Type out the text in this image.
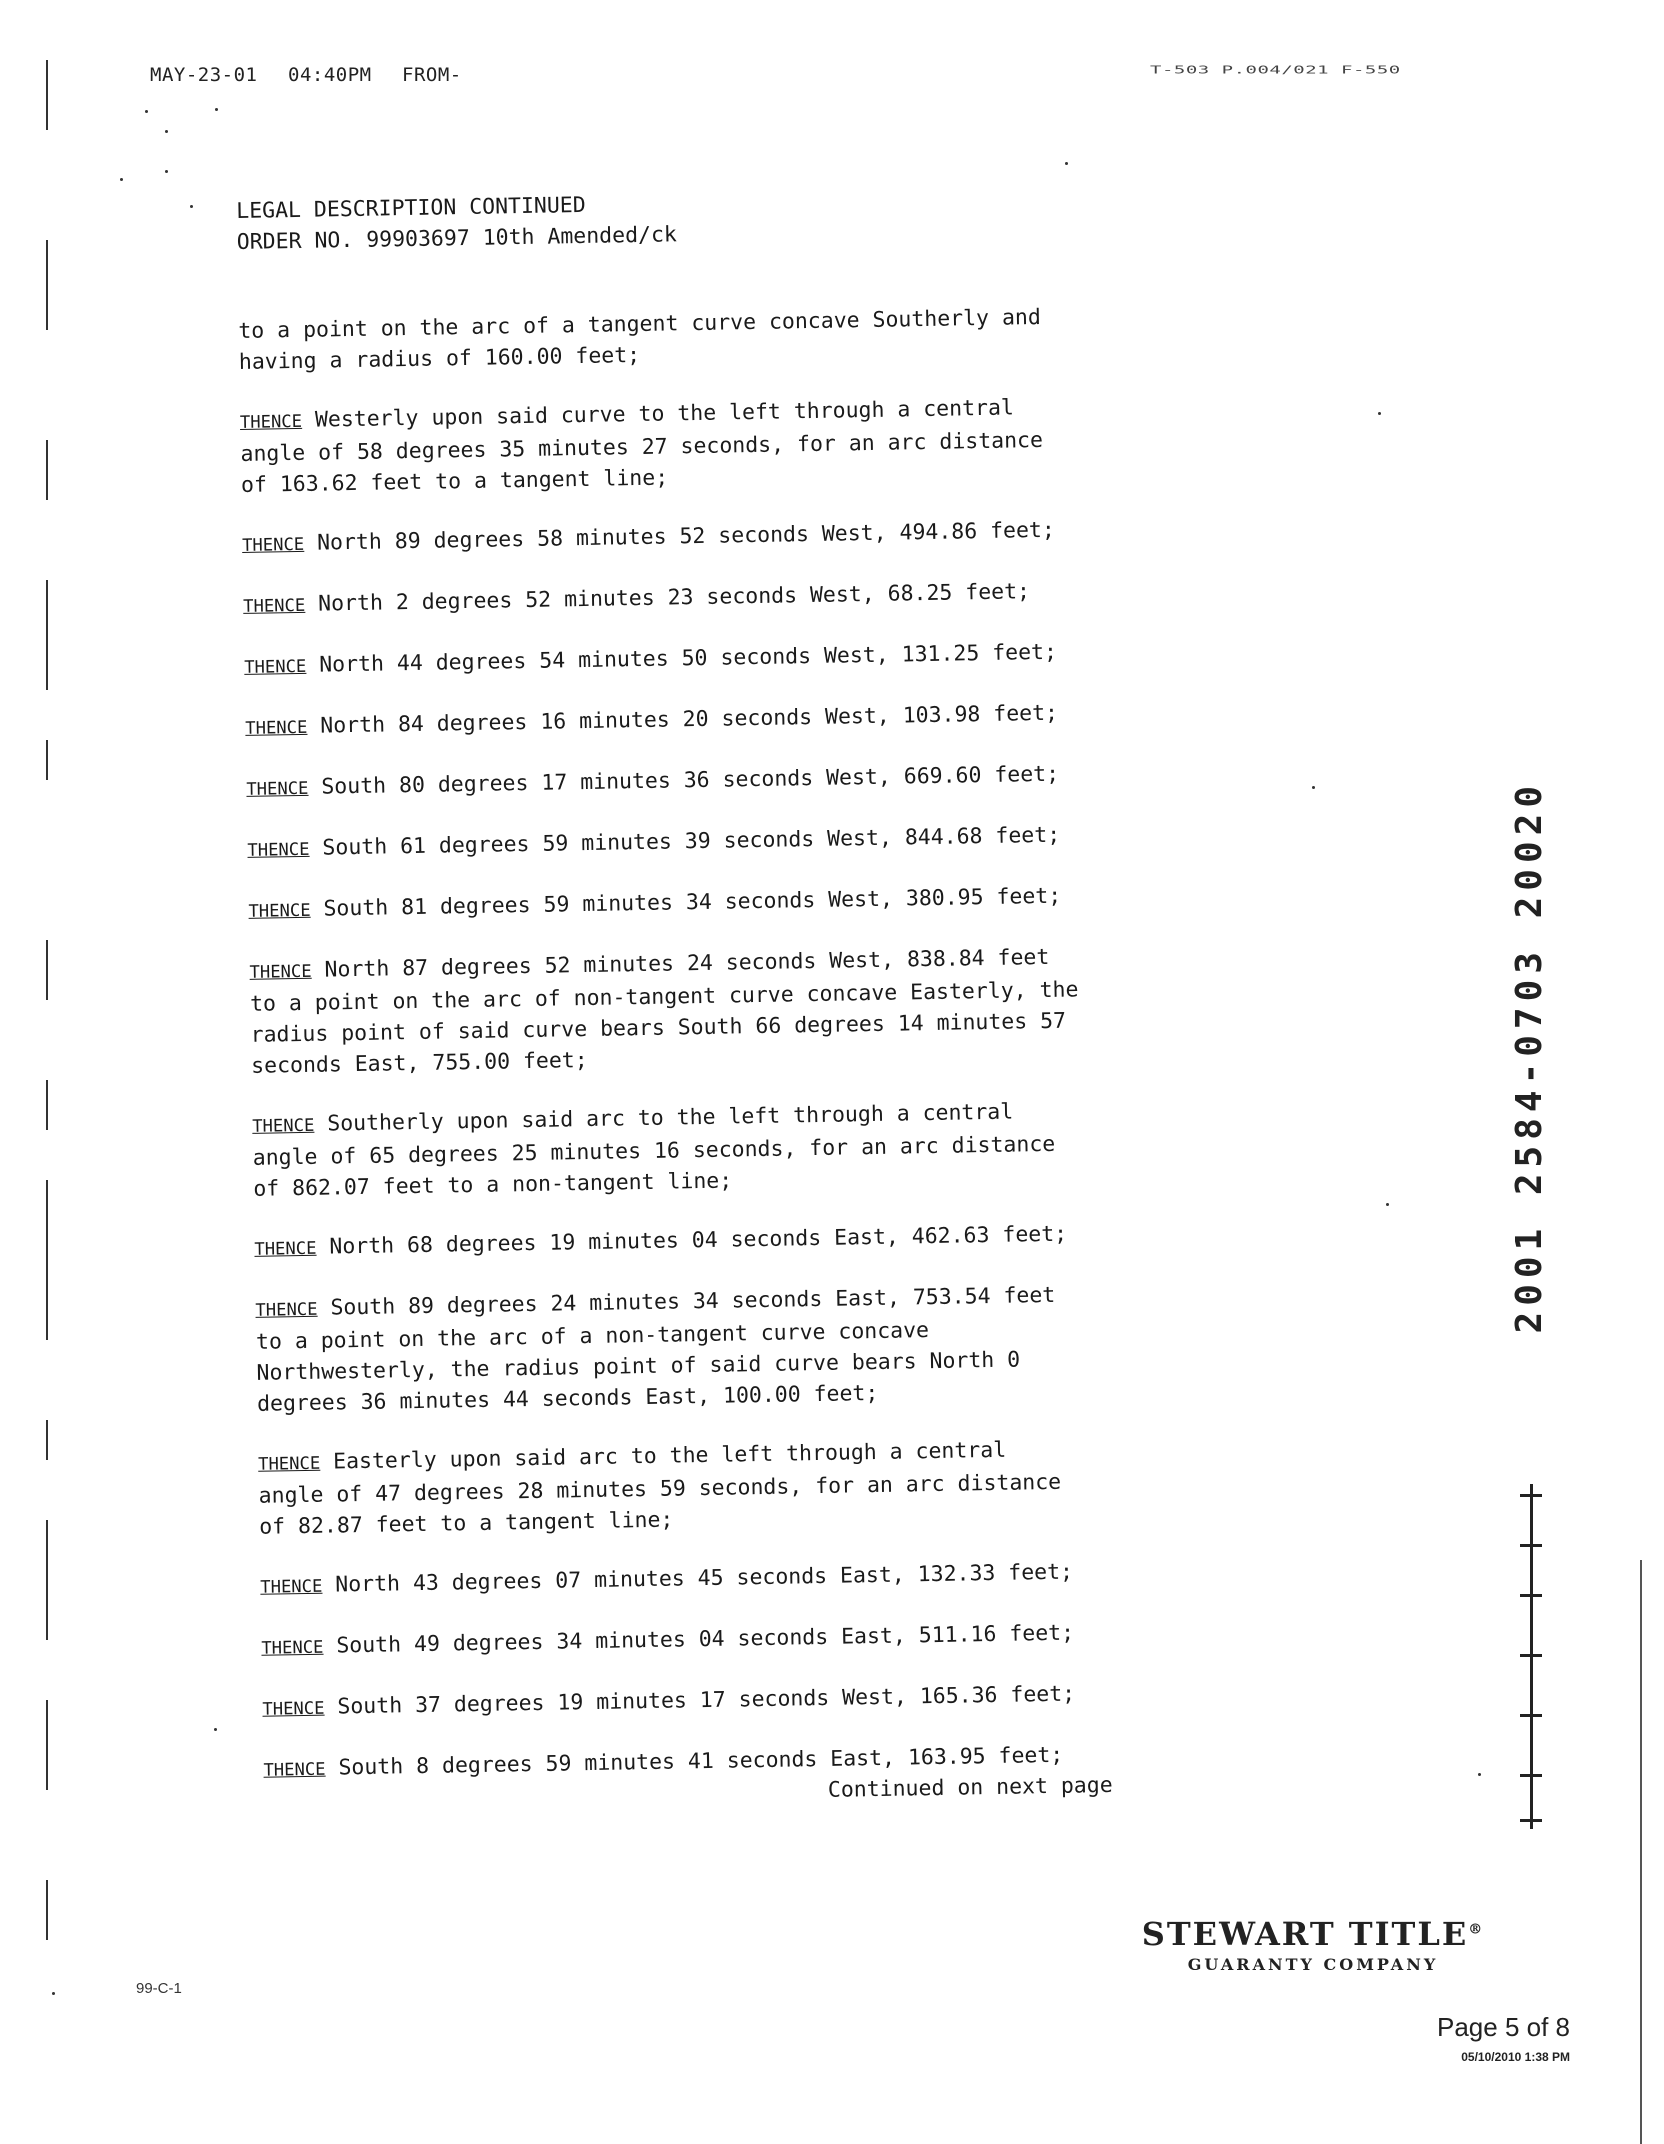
MAY-23-01 04:40PM FROM-	T-503 P.004/021 F-550
LEGAL DESCRIPTION CONTINUED
ORDER NO. 99903697 10th Amended/ck

to a point on the arc of a tangent curve concave Southerly and

having a radius of 160.00 feet;

THENCE Westerly upon said curve to the left through a central

angle of 58 degrees 35 minutes 27 seconds, for an arc distance

of 163.62 feet to a tangent line;

THENCE North 89 degrees 58 minutes 52 seconds West, 494.86 feet;

THENCE North 2 degrees 52 minutes 23 seconds West, 68.25 feet;

THENCE North 44 degrees 54 minutes 50 seconds West, 131.25 feet;

THENCE North 84 degrees 16 minutes 20 seconds West, 103.98 feet;

THENCE South 80 degrees 17 minutes 36 seconds West, 669.60 feet;

THENCE South 61 degrees 59 minutes 39 seconds West, 844.68 feet;

THENCE South 81 degrees 59 minutes 34 seconds West, 380.95 feet;

THENCE North 87 degrees 52 minutes 24 seconds West, 838.84 feet

to a point on the arc of non-tangent curve concave Easterly, the

radius point of said curve bears South 66 degrees 14 minutes 57

seconds East, 755.00 feet;

THENCE Southerly upon said arc to the left through a central

angle of 65 degrees 25 minutes 16 seconds, for an arc distance

of 862.07 feet to a non-tangent line;

THENCE North 68 degrees 19 minutes 04 seconds East, 462.63 feet;

THENCE South 89 degrees 24 minutes 34 seconds East, 753.54 feet

to a point on the arc of a non-tangent curve concave

Northwesterly, the radius point of said curve bears North 0

degrees 36 minutes 44 seconds East, 100.00 feet;

THENCE Easterly upon said arc to the left through a central

angle of 47 degrees 28 minutes 59 seconds, for an arc distance

of 82.87 feet to a tangent line;

THENCE North 43 degrees 07 minutes 45 seconds East, 132.33 feet;

THENCE South 49 degrees 34 minutes 04 seconds East, 511.16 feet;

THENCE South 37 degrees 19 minutes 17 seconds West, 165.36 feet;

THENCE South 8 degrees 59 minutes 41 seconds East, 163.95 feet;

Continued on next page
2001 2584-0703 20020
STEWART TITLE®
GUARANTY COMPANY
99-C-1
Page 5 of 8
05/10/2010 1:38 PM
